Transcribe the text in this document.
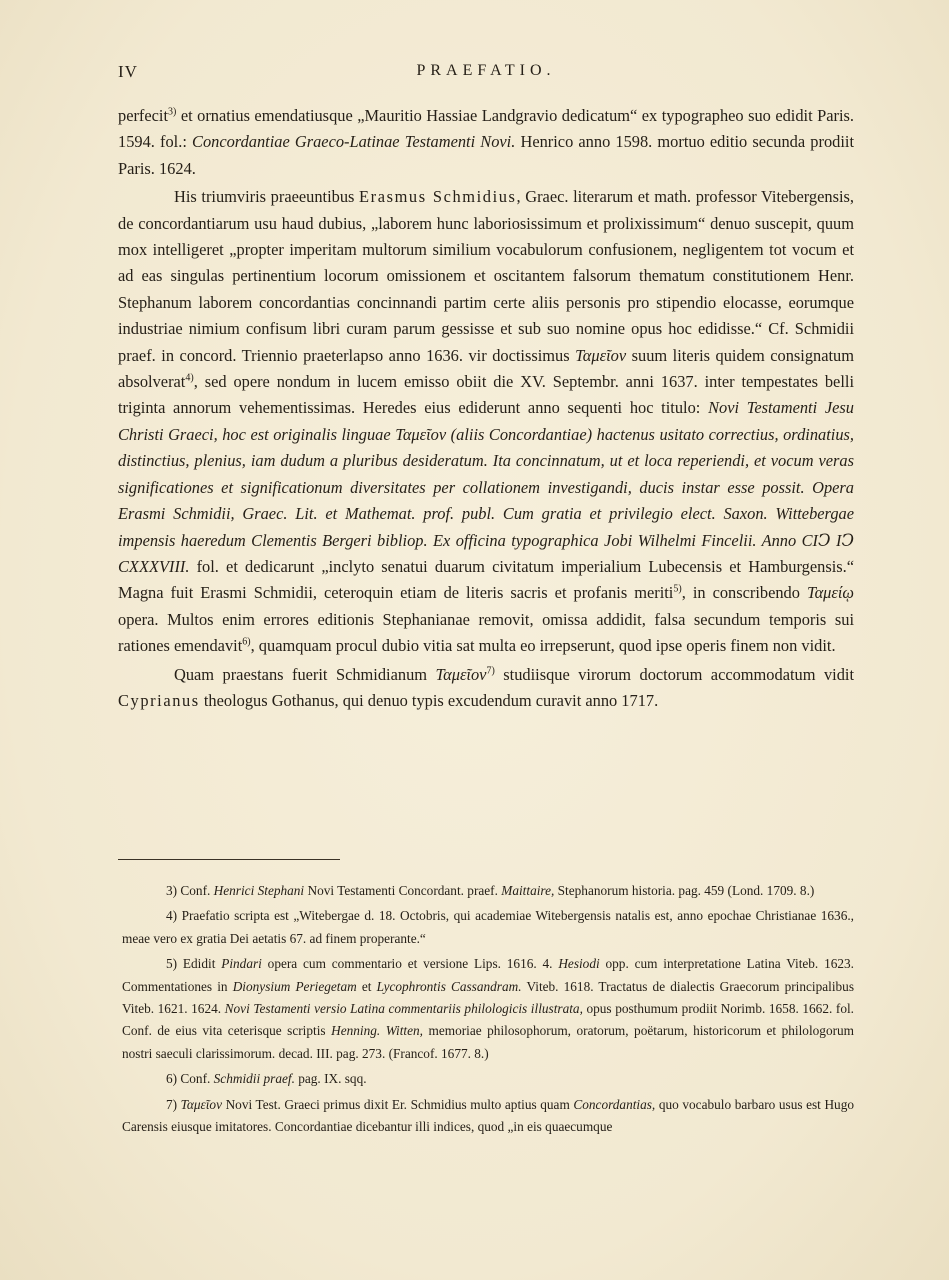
IV	PRAEFATIO.

perfecit$^{3)}$ et ornatius emendatiusque „Mauritio Hassiae Landgravio dedicatum“ ex typographeo suo edidit Paris. 1594. fol.: Concordantiae Graeco-Latinae Testamenti Novi. Henrico anno 1598. mortuo editio secunda prodiit Paris. 1624.

His triumviris praeeuntibus Erasmus Schmidius, Graec. literarum et math. professor Vitebergensis, de concordantiarum usu haud dubius, „laborem hunc laboriosissimum et prolixissimum“ denuo suscepit, quum mox intelligeret „propter imperitam multorum similium vocabulorum confusionem, negligentem tot vocum et ad eas singulas pertinentium locorum omissionem et oscitantem falsorum thematum constitutionem Henr. Stephanum laborem concordantias concinnandi partim certe aliis personis pro stipendio elocasse, eorumque industriae nimium confisum libri curam parum gessisse et sub suo nomine opus hoc edidisse.“ Cf. Schmidii praef. in concord. Triennio praeterlapso anno 1636. vir doctissimus Ταμεῖον suum literis quidem consignatum absolverat$^{4)}$, sed opere nondum in lucem emisso obiit die XV. Septembr. anni 1637. inter tempestates belli triginta annorum vehementissimas. Heredes eius ediderunt anno sequenti hoc titulo: Novi Testamenti Jesu Christi Graeci, hoc est originalis linguae Ταμεῖον (aliis Concordantiae) hactenus usitato correctius, ordinatius, distinctius, plenius, iam dudum a pluribus desideratum. Ita concinnatum, ut et loca reperiendi, et vocum veras significationes et significationum diversitates per collationem investigandi, ducis instar esse possit. Opera Erasmi Schmidii, Graec. Lit. et Mathemat. prof. publ. Cum gratia et privilegio elect. Saxon. Wittebergae impensis haeredum Clementis Bergeri bibliop. Ex officina typographica Jobi Wilhelmi Fincelii. Anno CIↃ IↃ CXXXVIII. fol. et dedicarunt „inclyto senatui duarum civitatum imperialium Lubecensis et Hamburgensis.“ Magna fuit Erasmi Schmidii, ceteroquin etiam de literis sacris et profanis meriti$^{5)}$, in conscribendo Ταμείῳ opera. Multos enim errores editionis Stephanianae removit, omissa addidit, falsa secundum temporis sui rationes emendavit$^{6)}$, quamquam procul dubio vitia sat multa eo irrepserunt, quod ipse operis finem non vidit.

Quam praestans fuerit Schmidianum Ταμεῖον$^{7)}$ studiisque virorum doctorum accommodatum vidit Cyprianus theologus Gothanus, qui denuo typis excudendum curavit anno 1717.

3) Conf. Henrici Stephani Novi Testamenti Concordant. praef. Maittaire, Stephanorum historia. pag. 459 (Lond. 1709. 8.)

4) Praefatio scripta est „Witebergae d. 18. Octobris, qui academiae Witebergensis natalis est, anno epochae Christianae 1636., meae vero ex gratia Dei aetatis 67. ad finem properante.“

5) Edidit Pindari opera cum commentario et versione Lips. 1616. 4. Hesiodi opp. cum interpretatione Latina Viteb. 1623. Commentationes in Dionysium Periegetam et Lycophrontis Cassandram. Viteb. 1618. Tractatus de dialectis Graecorum principalibus Viteb. 1621. 1624. Novi Testamenti versio Latina commentariis philologicis illustrata, opus posthumum prodiit Norimb. 1658. 1662. fol. Conf. de eius vita ceterisque scriptis Henning. Witten, memoriae philosophorum, oratorum, poëtarum, historicorum et philologorum nostri saeculi clarissimorum. decad. III. pag. 273. (Francof. 1677. 8.)

6) Conf. Schmidii praef. pag. IX. sqq.

7) Ταμεῖον Novi Test. Graeci primus dixit Er. Schmidius multo aptius quam Concordantias, quo vocabulo barbaro usus est Hugo Carensis eiusque imitatores. Concordantiae dicebantur illi indices, quod „in eis quaecumque
